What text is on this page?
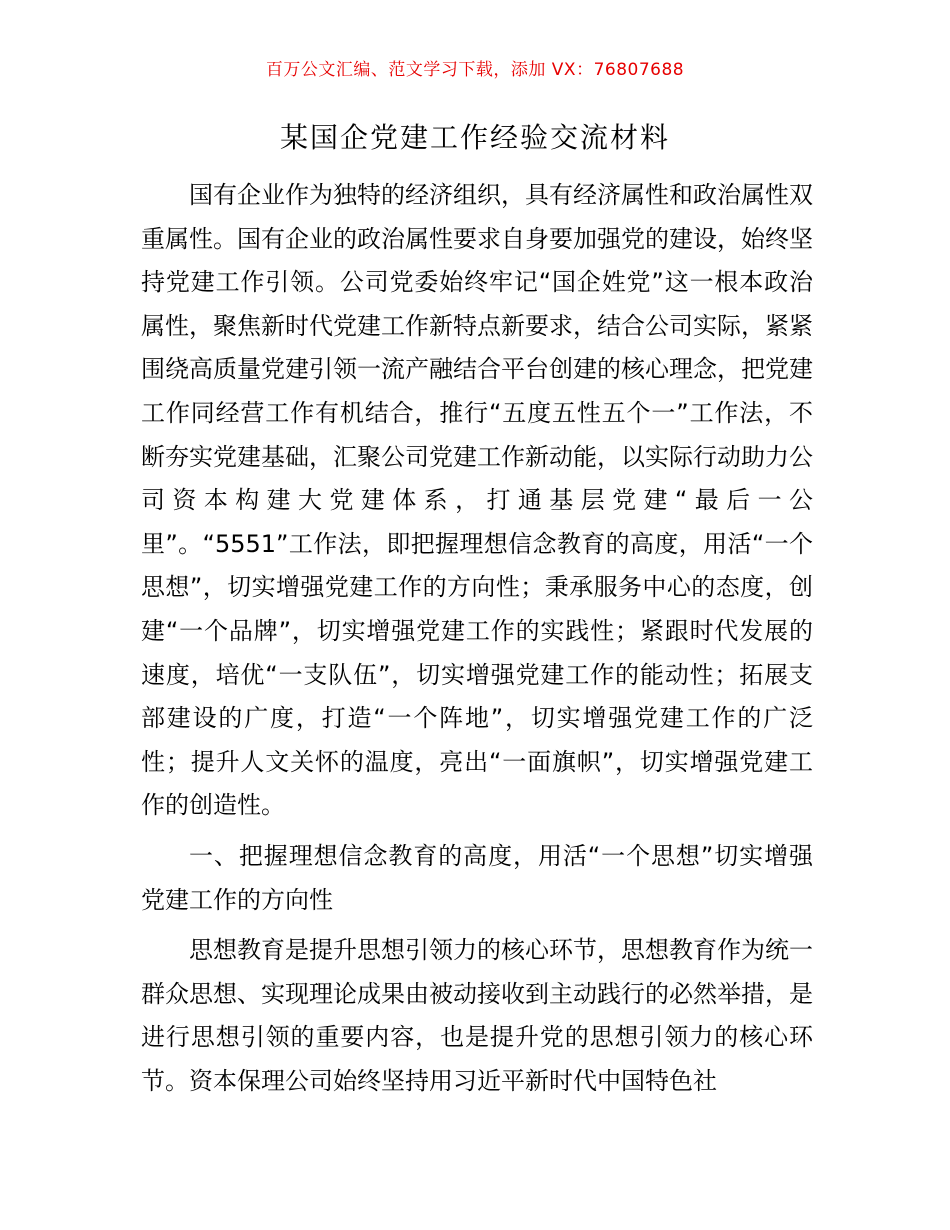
百万公文汇编、范文学习下载，添加 VX：76807688
某国企党建工作经验交流材料

国有企业作为独特的经济组织，具有经济属性和政治属性双重属性。国有企业的政治属性要求自身要加强党的建设，始终坚持党建工作引领。公司党委始终牢记“国企姓党”这一根本政治属性，聚焦新时代党建工作新特点新要求，结合公司实际，紧紧围绕高质量党建引领一流产融结合平台创建的核心理念，把党建工作同经营工作有机结合，推行“五度五性五个一”工作法，不断夯实党建基础，汇聚公司党建工作新动能，以实际行动助力公司资本构建大党建体系，打通基层党建“最后一公里”。“5551”工作法，即把握理想信念教育的高度，用活“一个思想”，切实增强党建工作的方向性；秉承服务中心的态度，创建“一个品牌”，切实增强党建工作的实践性；紧跟时代发展的速度，培优“一支队伍”，切实增强党建工作的能动性；拓展支部建设的广度，打造“一个阵地”，切实增强党建工作的广泛性；提升人文关怀的温度，亮出“一面旗帜”，切实增强党建工作的创造性。

一、把握理想信念教育的高度，用活“一个思想”切实增强党建工作的方向性

思想教育是提升思想引领力的核心环节，思想教育作为统一群众思想、实现理论成果由被动接收到主动践行的必然举措，是进行思想引领的重要内容，也是提升党的思想引领力的核心环节。资本保理公司始终坚持用习近平新时代中国特色社
